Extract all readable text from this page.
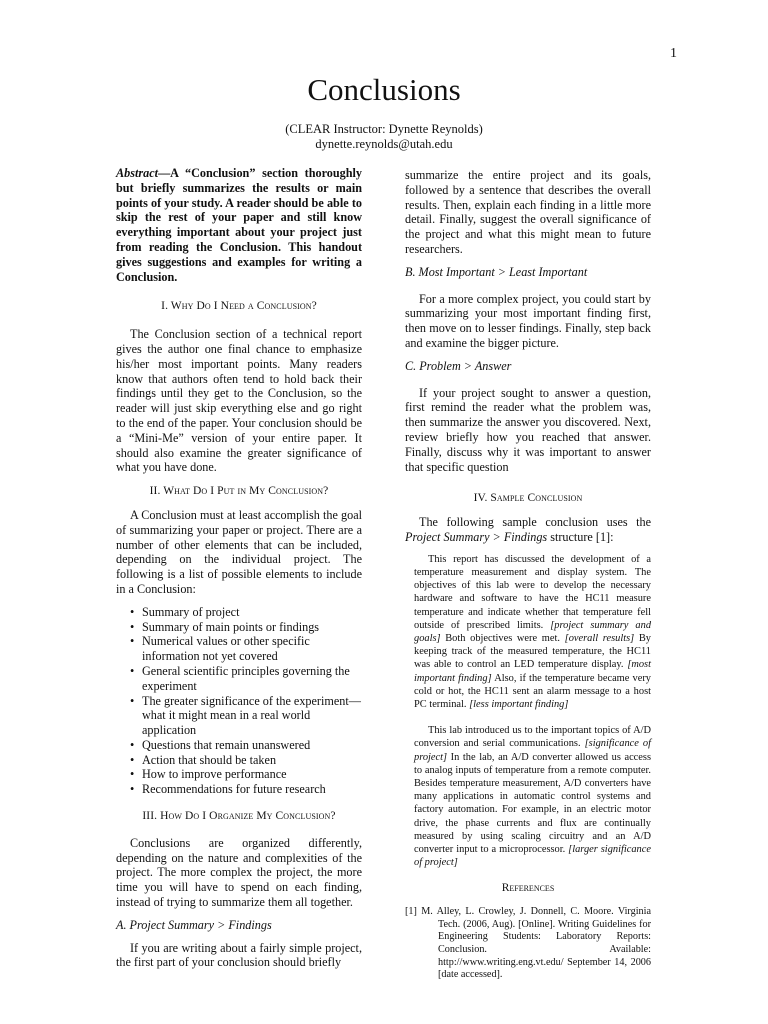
1
Conclusions
(CLEAR Instructor: Dynette Reynolds)
dynette.reynolds@utah.edu

Abstract—A “Conclusion” section thoroughly but briefly summarizes the results or main points of your study. A reader should be able to skip the rest of your paper and still know everything important about your project just from reading the Conclusion. This handout gives suggestions and examples for writing a Conclusion.

I. Why Do I Need a Conclusion?

The Conclusion section of a technical report gives the author one final chance to emphasize his/her most important points. Many readers know that authors often tend to hold back their findings until they get to the Conclusion, so the reader will just skip everything else and go right to the end of the paper. Your conclusion should be a “Mini-Me” version of your entire paper. It should also examine the greater significance of what you have done.

II. What Do I Put in My Conclusion?

A Conclusion must at least accomplish the goal of summarizing your paper or project. There are a number of other elements that can be included, depending on the individual project. The following is a list of possible elements to include in a Conclusion:

• Summary of project
• Summary of main points or findings
• Numerical values or other specific information not yet covered
• General scientific principles governing the experiment
• The greater significance of the experiment—what it might mean in a real world application
• Questions that remain unanswered
• Action that should be taken
• How to improve performance
• Recommendations for future research
III. How Do I Organize My Conclusion?

Conclusions are organized differently, depending on the nature and complexities of the project. The more complex the project, the more time you will have to spend on each finding, instead of trying to summarize them all together.

A. Project Summary > Findings

If you are writing about a fairly simple project, the first part of your conclusion should briefly

summarize the entire project and its goals, followed by a sentence that describes the overall results. Then, explain each finding in a little more detail. Finally, suggest the overall significance of the project and what this might mean to future researchers.

B. Most Important > Least Important

For a more complex project, you could start by summarizing your most important finding first, then move on to lesser findings. Finally, step back and examine the bigger picture.

C. Problem > Answer

If your project sought to answer a question, first remind the reader what the problem was, then summarize the answer you discovered. Next, review briefly how you reached that answer. Finally, discuss why it was important to answer that specific question

IV. Sample Conclusion

The following sample conclusion uses the Project Summary > Findings structure [1]:

This report has discussed the development of a temperature measurement and display system. The objectives of this lab were to develop the necessary hardware and software to have the HC11 measure temperature and indicate whether that temperature fell outside of prescribed limits. [project summary and goals] Both objectives were met. [overall results] By keeping track of the measured temperature, the HC11 was able to control an LED temperature display. [most important finding] Also, if the temperature became very cold or hot, the HC11 sent an alarm message to a host PC terminal. [less important finding]

This lab introduced us to the important topics of A/D conversion and serial communications. [significance of project] In the lab, an A/D converter allowed us access to analog inputs of temperature from a remote computer. Besides temperature measurement, A/D converters have many applications in automatic control systems and factory automation. For example, in an electric motor drive, the phase currents and flux are continually measured by using scaling circuitry and an A/D converter input to a microprocessor. [larger significance of project]

References

[1] M. Alley, L. Crowley, J. Donnell, C. Moore. Virginia Tech. (2006, Aug). [Online]. Writing Guidelines for Engineering Students: Laboratory Reports: Conclusion. Available: http://www.writing.eng.vt.edu/ September 14, 2006 [date accessed].
